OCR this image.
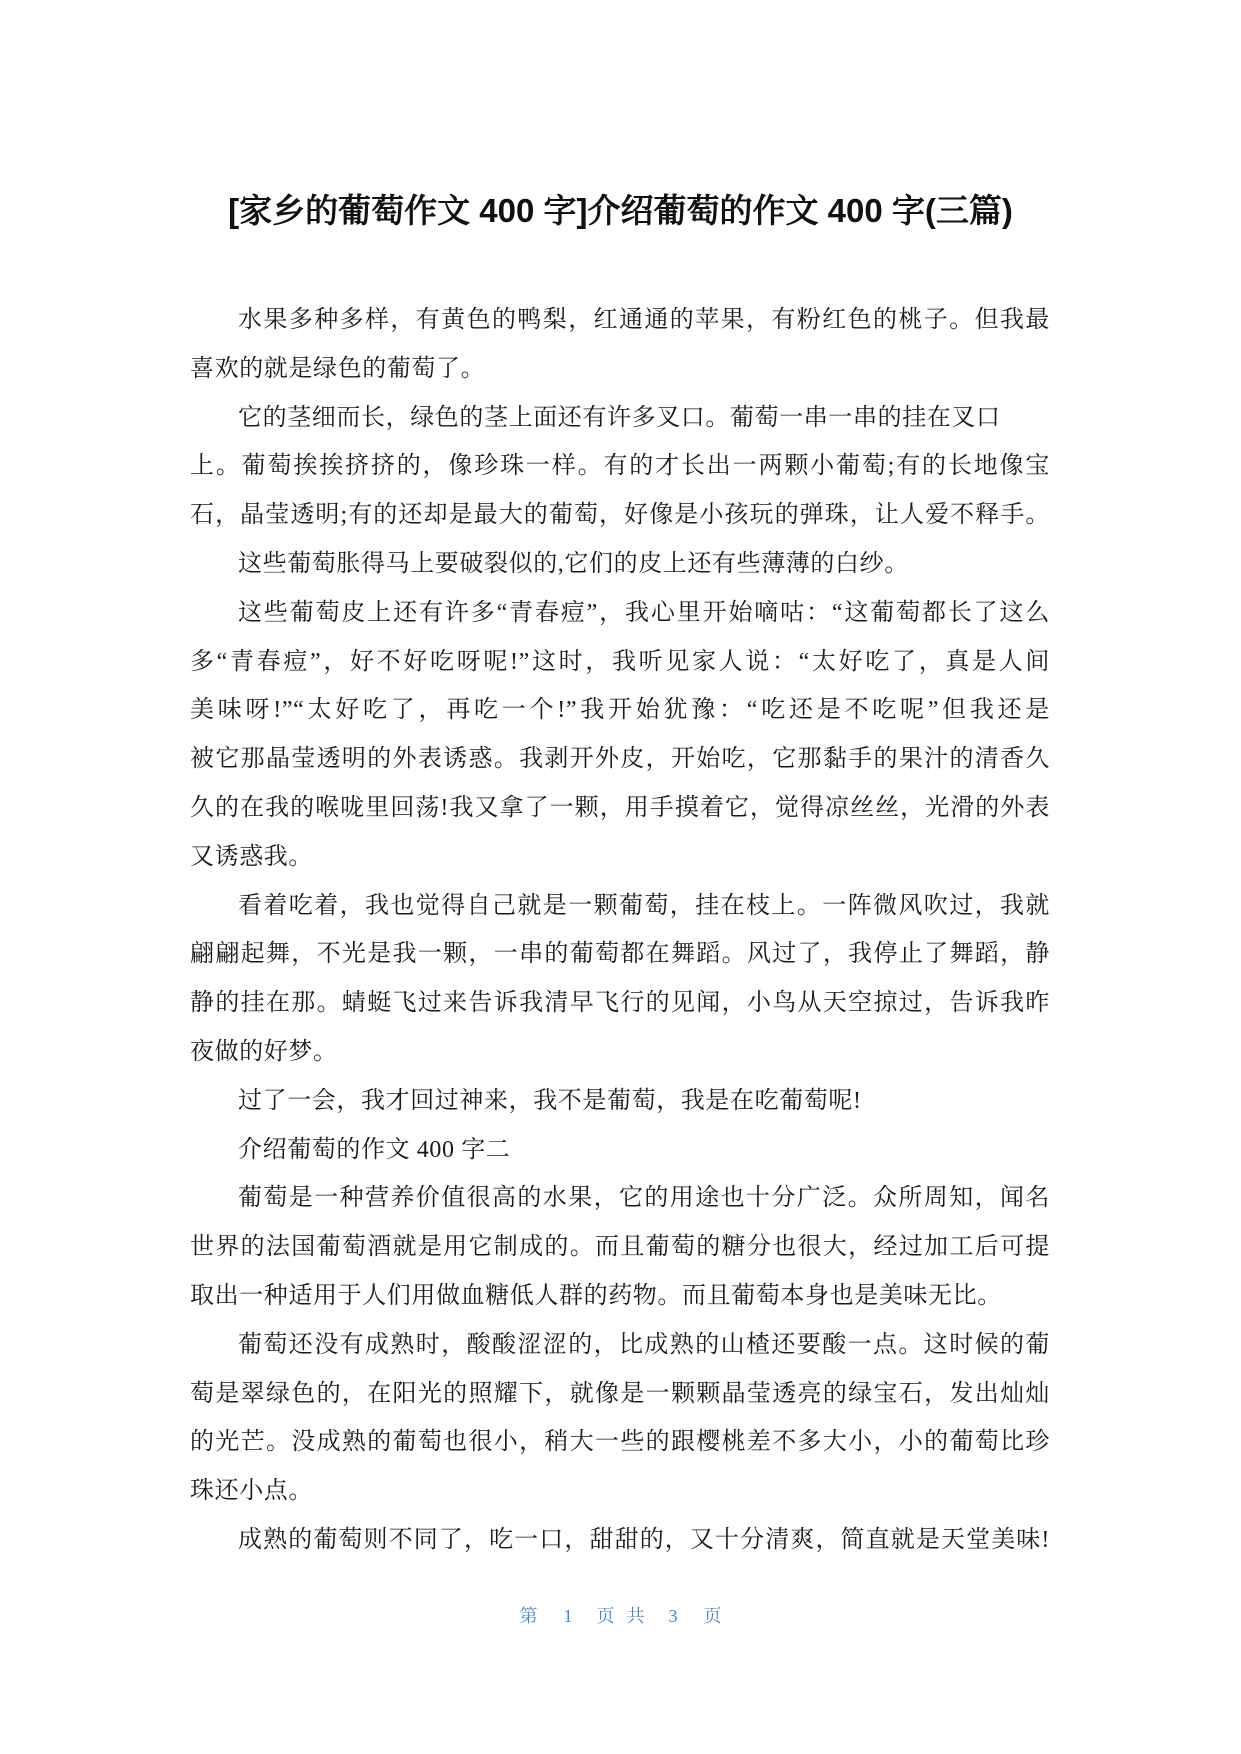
[家乡的葡萄作文 400 字]介绍葡萄的作文 400 字(三篇)
水果多种多样，有黄色的鸭梨，红通通的苹果，有粉红色的桃子。但我最
喜欢的就是绿色的葡萄了。
它的茎细而长，绿色的茎上面还有许多叉口。葡萄一串一串的挂在叉口
上。葡萄挨挨挤挤的，像珍珠一样。有的才长出一两颗小葡萄;有的长地像宝
石，晶莹透明;有的还却是最大的葡萄，好像是小孩玩的弹珠，让人爱不释手。
这些葡萄胀得马上要破裂似的,它们的皮上还有些薄薄的白纱。
这些葡萄皮上还有许多“青春痘”，我心里开始嘀咕：“这葡萄都长了这么
多“青春痘”，好不好吃呀呢!”这时，我听见家人说：“太好吃了，真是人间
美味呀!”“太好吃了，再吃一个!”我开始犹豫：“吃还是不吃呢”但我还是
被它那晶莹透明的外表诱惑。我剥开外皮，开始吃，它那黏手的果汁的清香久
久的在我的喉咙里回荡!我又拿了一颗，用手摸着它，觉得凉丝丝，光滑的外表
又诱惑我。
看着吃着，我也觉得自己就是一颗葡萄，挂在枝上。一阵微风吹过，我就
翩翩起舞，不光是我一颗，一串的葡萄都在舞蹈。风过了，我停止了舞蹈，静
静的挂在那。蜻蜓飞过来告诉我清早飞行的见闻，小鸟从天空掠过，告诉我昨
夜做的好梦。
过了一会，我才回过神来，我不是葡萄，我是在吃葡萄呢!
介绍葡萄的作文 400 字二
葡萄是一种营养价值很高的水果，它的用途也十分广泛。众所周知，闻名
世界的法国葡萄酒就是用它制成的。而且葡萄的糖分也很大，经过加工后可提
取出一种适用于人们用做血糖低人群的药物。而且葡萄本身也是美味无比。
葡萄还没有成熟时，酸酸涩涩的，比成熟的山楂还要酸一点。这时候的葡
萄是翠绿色的，在阳光的照耀下，就像是一颗颗晶莹透亮的绿宝石，发出灿灿
的光芒。没成熟的葡萄也很小，稍大一些的跟樱桃差不多大小，小的葡萄比珍
珠还小点。
成熟的葡萄则不同了，吃一口，甜甜的，又十分清爽，简直就是天堂美味!
第 1 页 共 3 页
